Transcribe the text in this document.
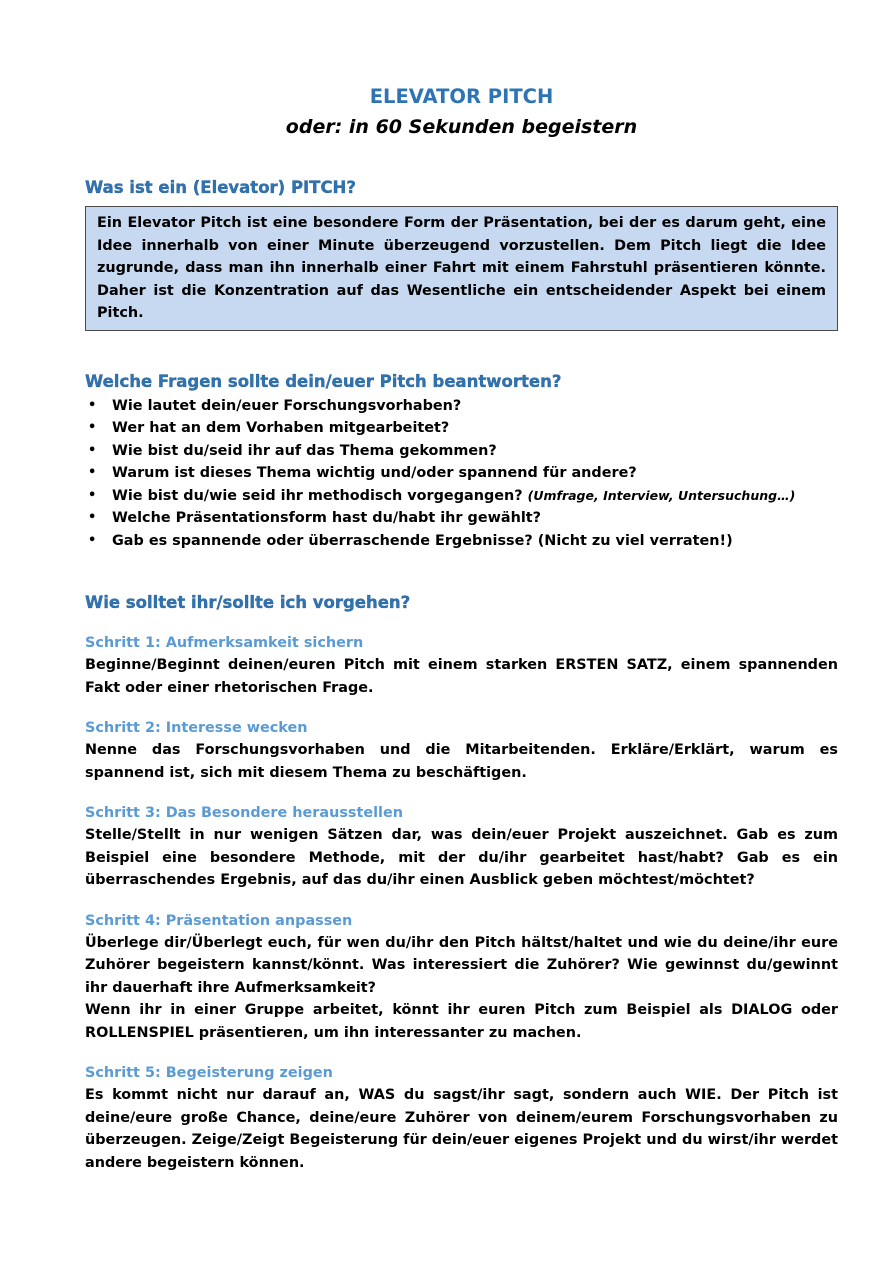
ELEVATOR PITCH

oder: in 60 Sekunden begeistern

Was ist ein (Elevator) PITCH?
Ein Elevator Pitch ist eine besondere Form der Präsentation, bei der es darum geht, eine Idee innerhalb von einer Minute überzeugend vorzustellen. Dem Pitch liegt die Idee zugrunde, dass man ihn innerhalb einer Fahrt mit einem Fahrstuhl präsentieren könnte. Daher ist die Konzentration auf das Wesentliche ein entscheidender Aspekt bei einem Pitch.
Welche Fragen sollte dein/euer Pitch beantworten?
• Wie lautet dein/euer Forschungsvorhaben?
• Wer hat an dem Vorhaben mitgearbeitet?
• Wie bist du/seid ihr auf das Thema gekommen?
• Warum ist dieses Thema wichtig und/oder spannend für andere?
• Wie bist du/wie seid ihr methodisch vorgegangen? (Umfrage, Interview, Untersuchung…)
• Welche Präsentationsform hast du/habt ihr gewählt?
• Gab es spannende oder überraschende Ergebnisse? (Nicht zu viel verraten!)
Wie solltet ihr/sollte ich vorgehen?

Schritt 1: Aufmerksamkeit sichern

Beginne/Beginnt deinen/euren Pitch mit einem starken ERSTEN SATZ, einem spannenden Fakt oder einer rhetorischen Frage.

Schritt 2: Interesse wecken

Nenne das Forschungsvorhaben und die Mitarbeitenden. Erkläre/Erklärt, warum es spannend ist, sich mit diesem Thema zu beschäftigen.

Schritt 3: Das Besondere herausstellen

Stelle/Stellt in nur wenigen Sätzen dar, was dein/euer Projekt auszeichnet. Gab es zum Beispiel eine besondere Methode, mit der du/ihr gearbeitet hast/habt? Gab es ein überraschendes Ergebnis, auf das du/ihr einen Ausblick geben möchtest/möchtet?

Schritt 4: Präsentation anpassen

Überlege dir/Überlegt euch, für wen du/ihr den Pitch hältst/haltet und wie du deine/ihr eure Zuhörer begeistern kannst/könnt. Was interessiert die Zuhörer? Wie gewinnst du/gewinnt ihr dauerhaft ihre Aufmerksamkeit?

Wenn ihr in einer Gruppe arbeitet, könnt ihr euren Pitch zum Beispiel als DIALOG oder ROLLENSPIEL präsentieren, um ihn interessanter zu machen.

Schritt 5: Begeisterung zeigen

Es kommt nicht nur darauf an, WAS du sagst/ihr sagt, sondern auch WIE. Der Pitch ist deine/eure große Chance, deine/eure Zuhörer von deinem/eurem Forschungsvorhaben zu überzeugen. Zeige/Zeigt Begeisterung für dein/euer eigenes Projekt und du wirst/ihr werdet andere begeistern können.
